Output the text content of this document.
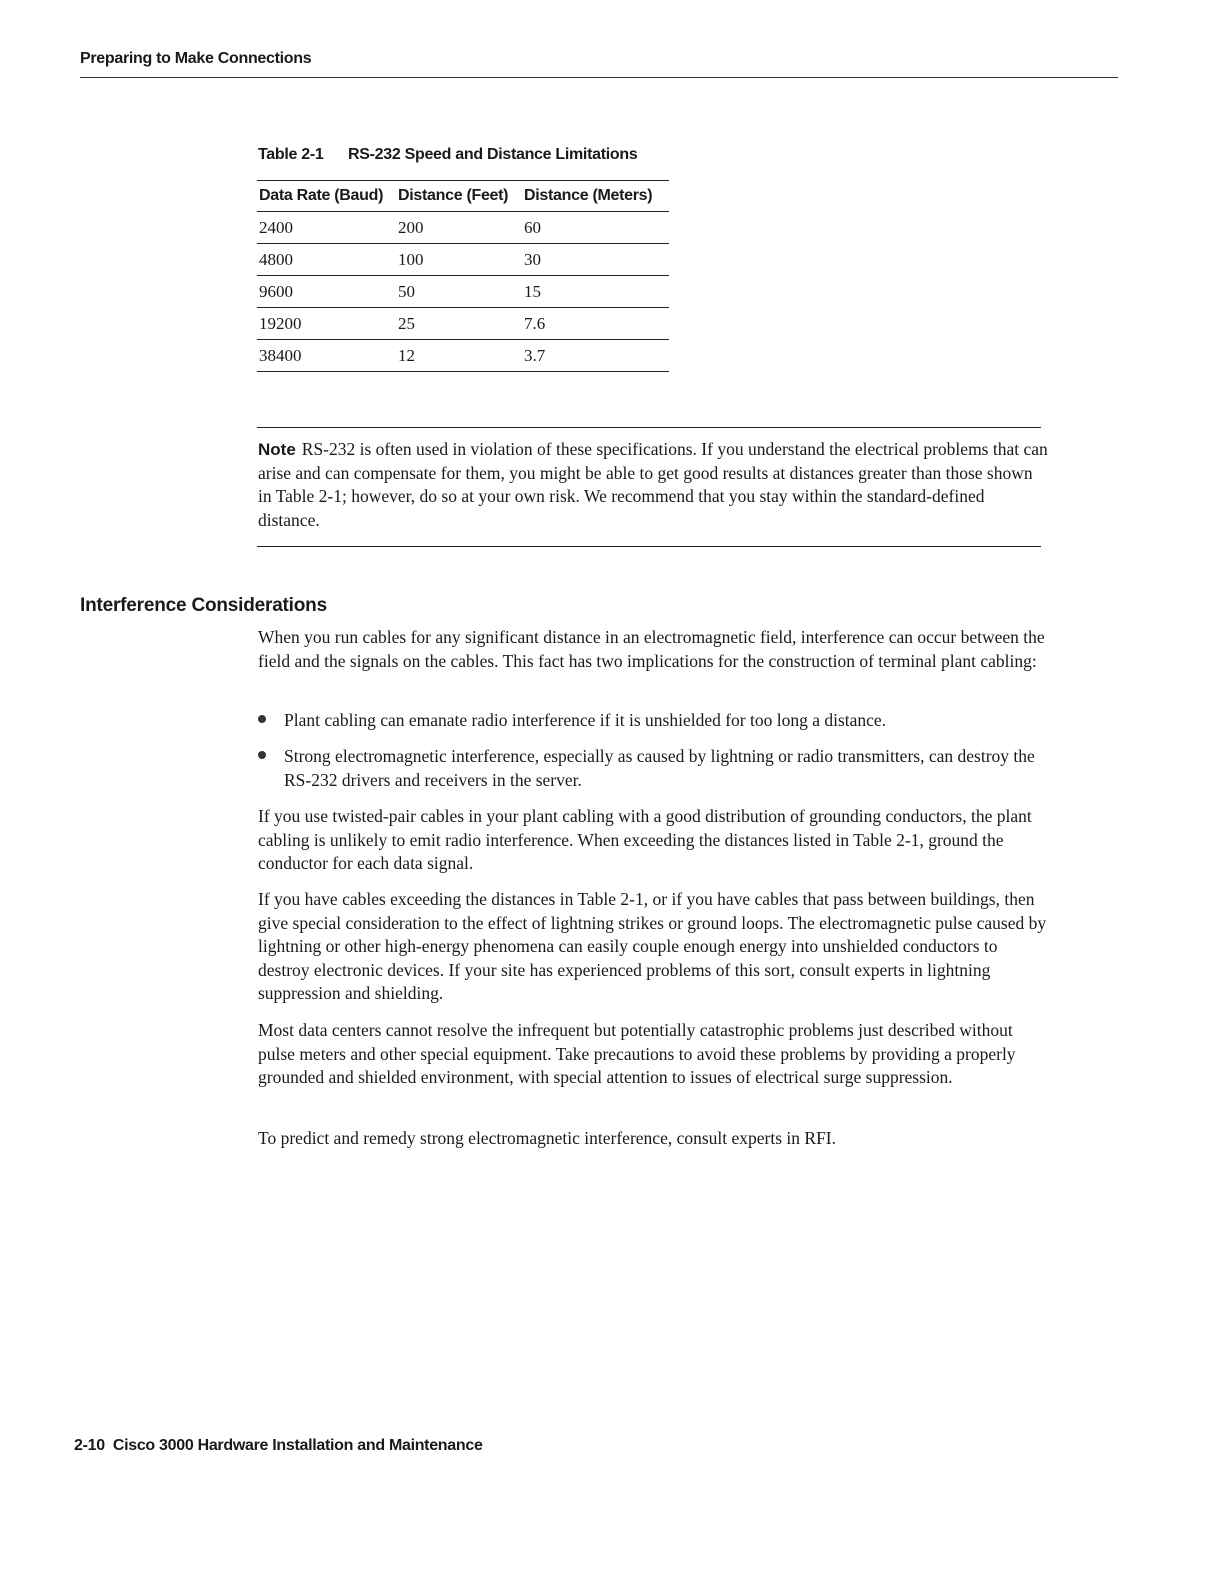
Preparing to Make Connections
Table 2-1 RS-232 Speed and Distance Limitations
Data Rate (Baud)	Distance (Feet)	Distance (Meters)
2400	200	60
4800	100	30
9600	50	15
19200	25	7.6
38400	12	3.7
Note RS-232 is often used in violation of these specifications. If you understand the electrical problems that can arise and can compensate for them, you might be able to get good results at distances greater than those shown in Table 2-1; however, do so at your own risk. We recommend that you stay within the standard-defined distance.
Interference Considerations

When you run cables for any significant distance in an electromagnetic field, interference can occur between the field and the signals on the cables. This fact has two implications for the construction of terminal plant cabling:

Plant cabling can emanate radio interference if it is unshielded for too long a distance.
Strong electromagnetic interference, especially as caused by lightning or radio transmitters, can destroy the RS-232 drivers and receivers in the server.

If you use twisted-pair cables in your plant cabling with a good distribution of grounding conductors, the plant cabling is unlikely to emit radio interference. When exceeding the distances listed in Table 2-1, ground the conductor for each data signal.

If you have cables exceeding the distances in Table 2-1, or if you have cables that pass between buildings, then give special consideration to the effect of lightning strikes or ground loops. The electromagnetic pulse caused by lightning or other high-energy phenomena can easily couple enough energy into unshielded conductors to destroy electronic devices. If your site has experienced problems of this sort, consult experts in lightning suppression and shielding.

Most data centers cannot resolve the infrequent but potentially catastrophic problems just described without pulse meters and other special equipment. Take precautions to avoid these problems by providing a properly grounded and shielded environment, with special attention to issues of electrical surge suppression.

To predict and remedy strong electromagnetic interference, consult experts in RFI.

2-10 Cisco 3000 Hardware Installation and Maintenance
